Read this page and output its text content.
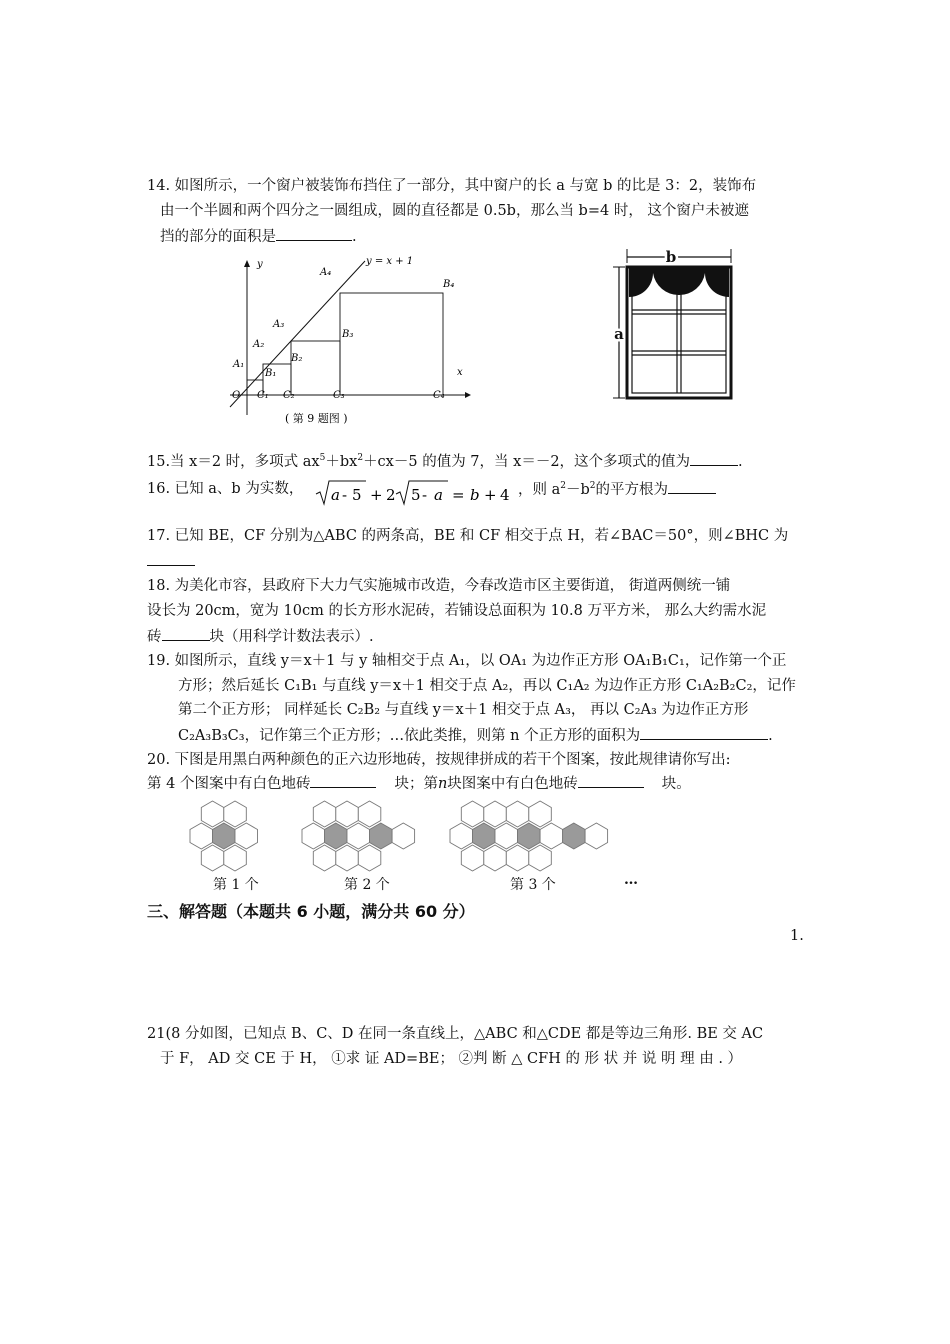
14. 如图所示，一个窗户被装饰布挡住了一部分，其中窗户的长 a 与宽 b 的比是 3：2，装饰布
由一个半圆和两个四分之一圆组成，圆的直径都是 0.5b，那么当 b=4 时， 这个窗户未被遮
挡的部分的面积是	.
y
x
y = x + 1
O
A₁
A₂
A₃
A₄
B₁
B₂
B₃
B₄
C₁ C₂	C₃	C₄
( 第 9 题图 )
b
a
15.当 x＝2 时，多项式 $ax^5+bx^2+cx-5$ 的值为 7，当 x＝－2，这个多项式的值为	.
16. 已知 a、b 为实数， a - 5 + 2 5 - a = b + 4 ，则 $a^2-b^2$的平方根为
17. 已知 BE，CF 分别为△ABC 的两条高，BE 和 CF 相交于点 H，若∠BAC＝50°，则∠BHC 为
18. 为美化市容，县政府下大力气实施城市改造，今春改造市区主要街道， 街道两侧统一铺
设长为 20cm，宽为 10cm 的长方形水泥砖，若铺设总面积为 10.8 万平方米， 那么大约需水泥
砖	块（用科学计数法表示）.
19. 如图所示，直线 y＝x＋1 与 y 轴相交于点 A₁，以 OA₁ 为边作正方形 OA₁B₁C₁，记作第一个正
方形；然后延长 C₁B₁ 与直线 y＝x＋1 相交于点 A₂，再以 C₁A₂ 为边作正方形 C₁A₂B₂C₂，记作
第二个正方形； 同样延长 C₂B₂ 与直线 y＝x＋1 相交于点 A₃， 再以 C₂A₃ 为边作正方形
C₂A₃B₃C₃，记作第三个正方形；…依此类推，则第 n 个正方形的面积为	.
20. 下图是用黑白两种颜色的正六边形地砖，按规律拼成的若干个图案，按此规律请你写出:
第 4 个图案中有白色地砖	块；第n块图案中有白色地砖	块。
第 1 个	第 2 个	第 3 个	…
三、解答题（本题共 6 小题，满分共 60 分）
1.
21(8 分如图，已知点 B、C、D 在同一条直线上，△ABC 和△CDE 都是等边三角形. BE 交 AC
于 F， AD 交 CE 于 H， ①求 证 AD=BE； ②判 断 △ CFH 的 形 状 并 说 明 理 由 . ）
